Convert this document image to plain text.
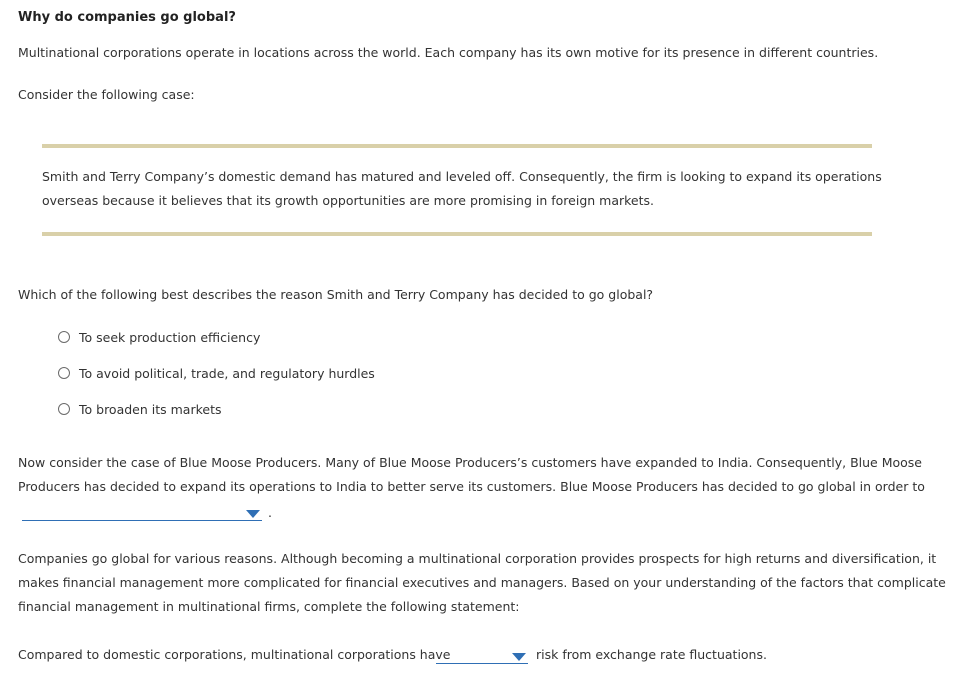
Why do companies go global?
Multinational corporations operate in locations across the world. Each company has its own motive for its presence in different countries.
Consider the following case:
Smith and Terry Company’s domestic demand has matured and leveled off. Consequently, the firm is looking to expand its operations
overseas because it believes that its growth opportunities are more promising in foreign markets.
Which of the following best describes the reason Smith and Terry Company has decided to go global?
To seek production efficiency
To avoid political, trade, and regulatory hurdles
To broaden its markets
Now consider the case of Blue Moose Producers. Many of Blue Moose Producers’s customers have expanded to India. Consequently, Blue Moose
Producers has decided to expand its operations to India to better serve its customers. Blue Moose Producers has decided to go global in order to
.
Companies go global for various reasons. Although becoming a multinational corporation provides prospects for high returns and diversification, it
makes financial management more complicated for financial executives and managers. Based on your understanding of the factors that complicate
financial management in multinational firms, complete the following statement:
Compared to domestic corporations, multinational corporations have	risk from exchange rate fluctuations.
